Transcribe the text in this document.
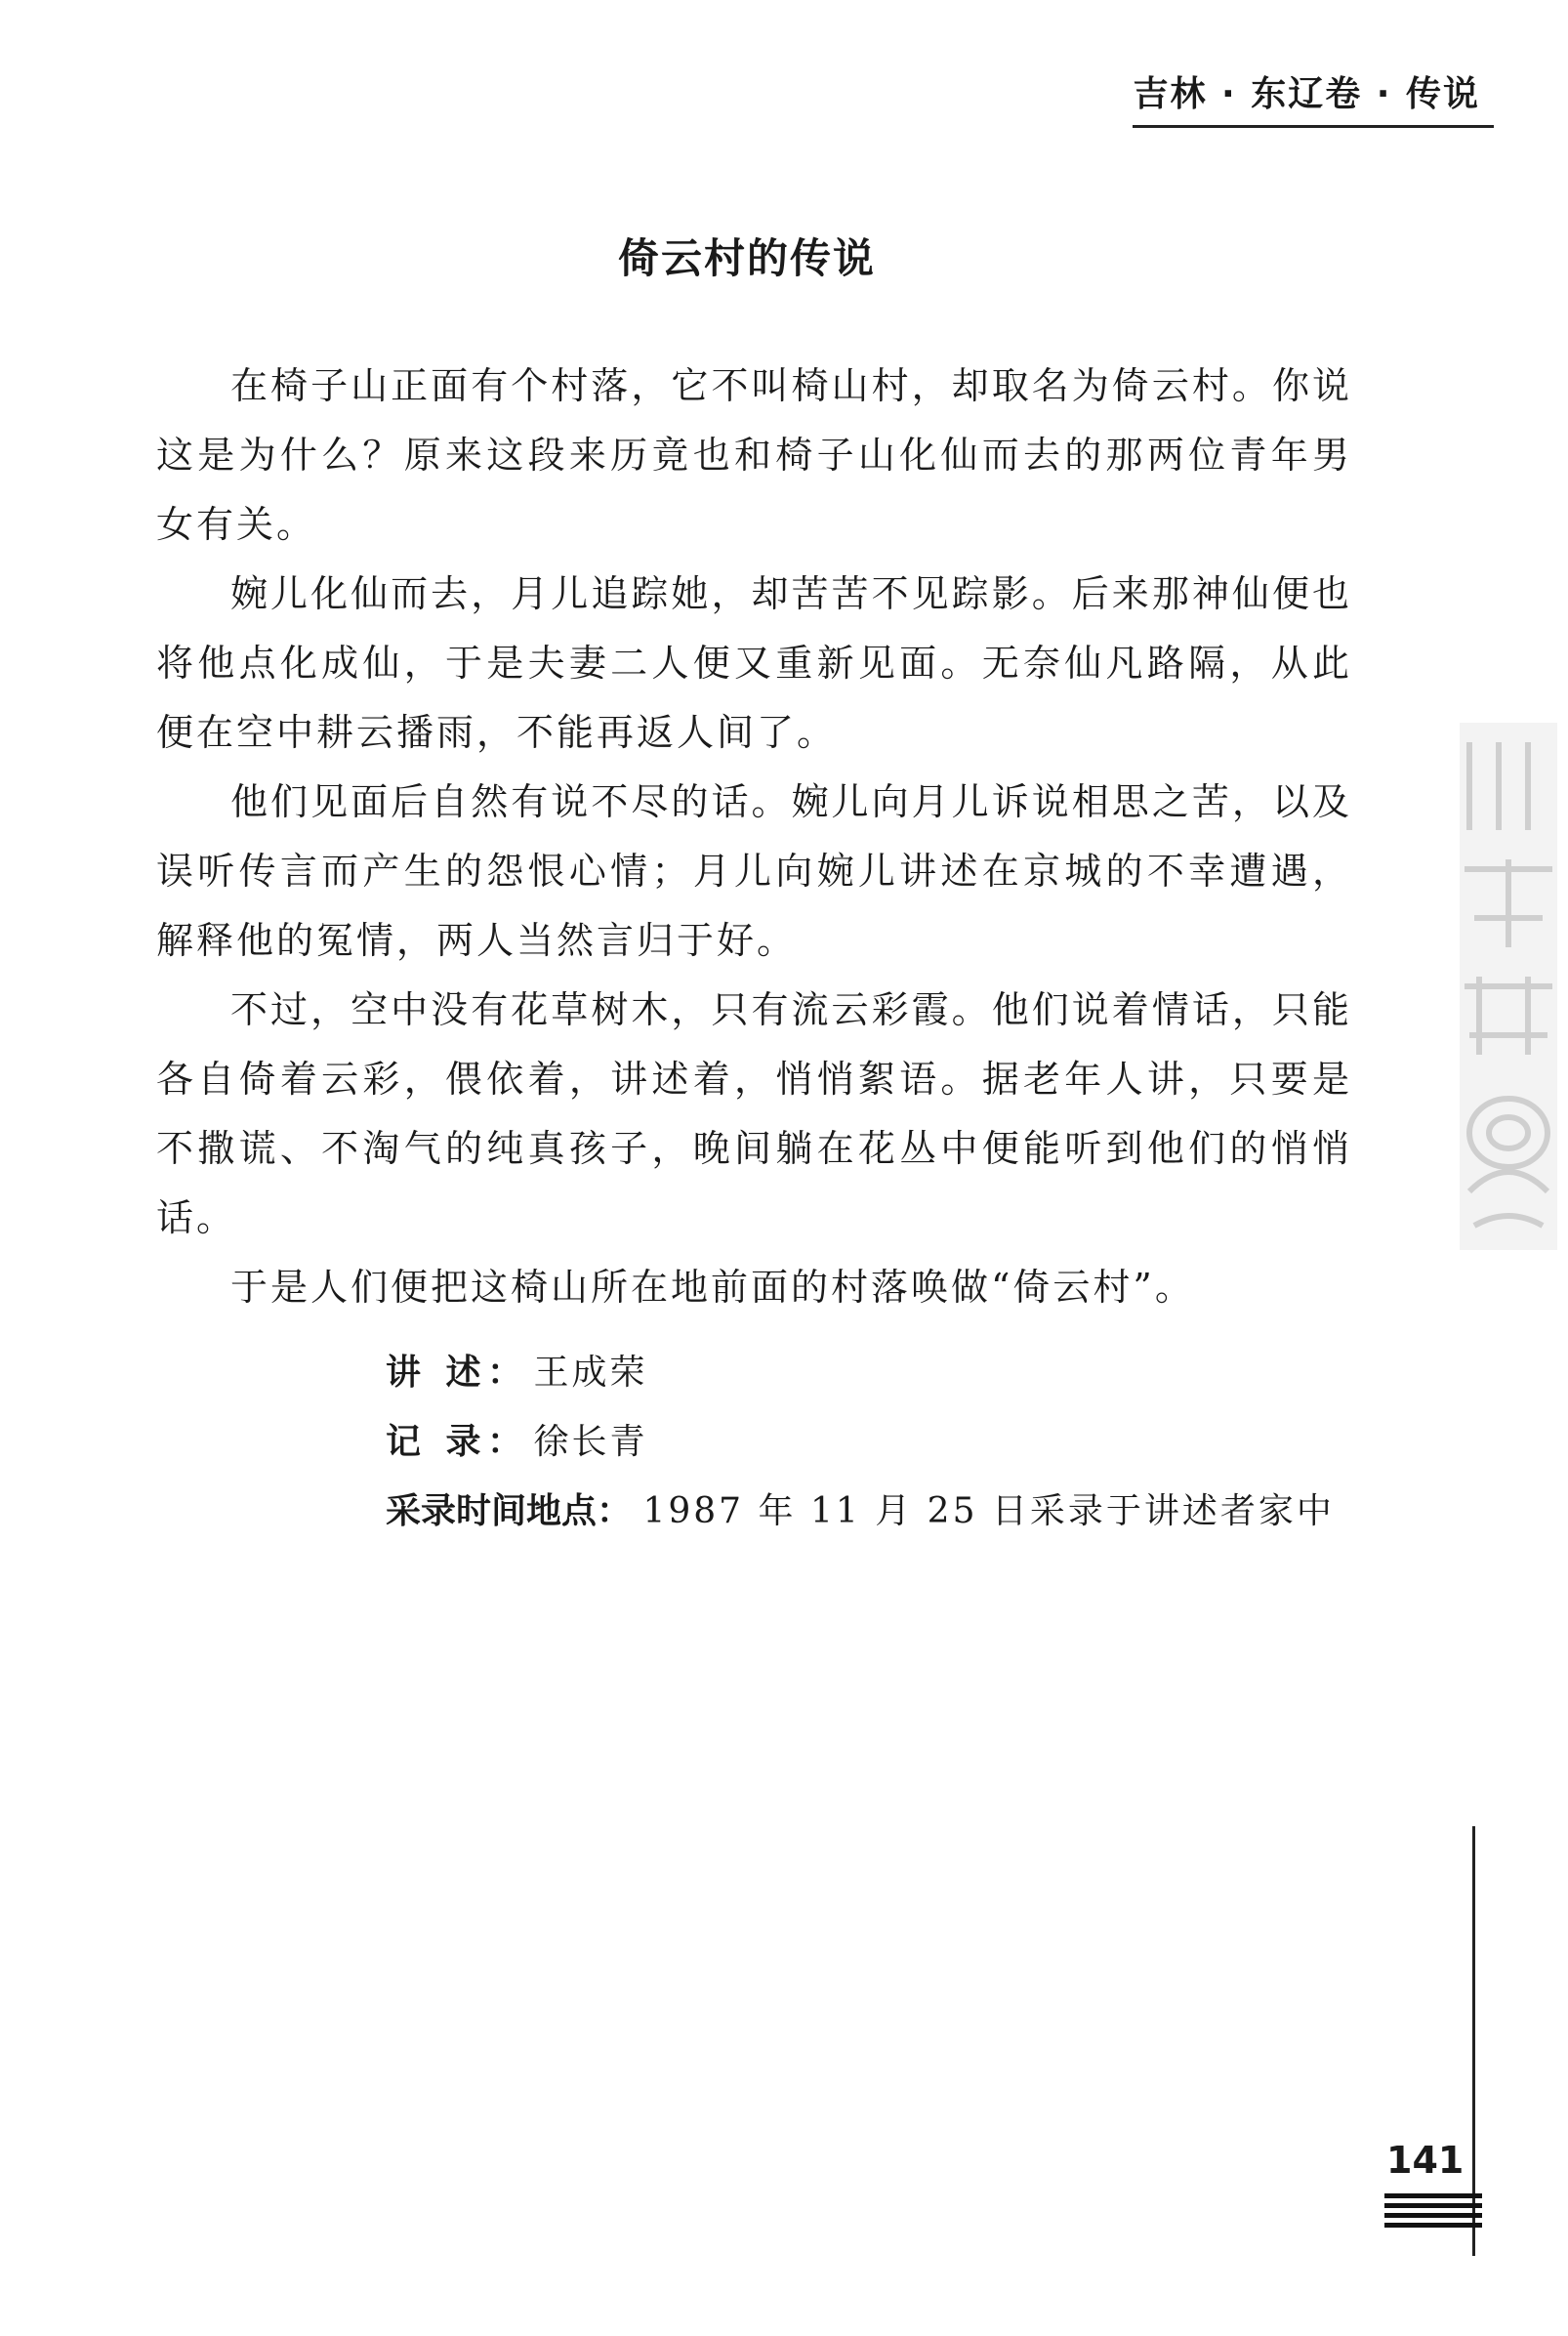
吉林 · 东辽卷 · 传说
倚云村的传说

在椅子山正面有个村落，它不叫椅山村，却取名为倚云村。你说这是为什么？原来这段来历竟也和椅子山化仙而去的那两位青年男女有关。

婉儿化仙而去，月儿追踪她，却苦苦不见踪影。后来那神仙便也将他点化成仙，于是夫妻二人便又重新见面。无奈仙凡路隔，从此便在空中耕云播雨，不能再返人间了。

他们见面后自然有说不尽的话。婉儿向月儿诉说相思之苦，以及误听传言而产生的怨恨心情；月儿向婉儿讲述在京城的不幸遭遇，解释他的冤情，两人当然言归于好。

不过，空中没有花草树木，只有流云彩霞。他们说着情话，只能各自倚着云彩，偎依着，讲述着，悄悄絮语。据老年人讲，只要是不撒谎、不淘气的纯真孩子，晚间躺在花丛中便能听到他们的悄悄话。

于是人们便把这椅山所在地前面的村落唤做“倚云村”。

讲 述： 王成荣
记 录： 徐长青
采录时间地点： 1987 年 11 月 25 日采录于讲述者家中
141
